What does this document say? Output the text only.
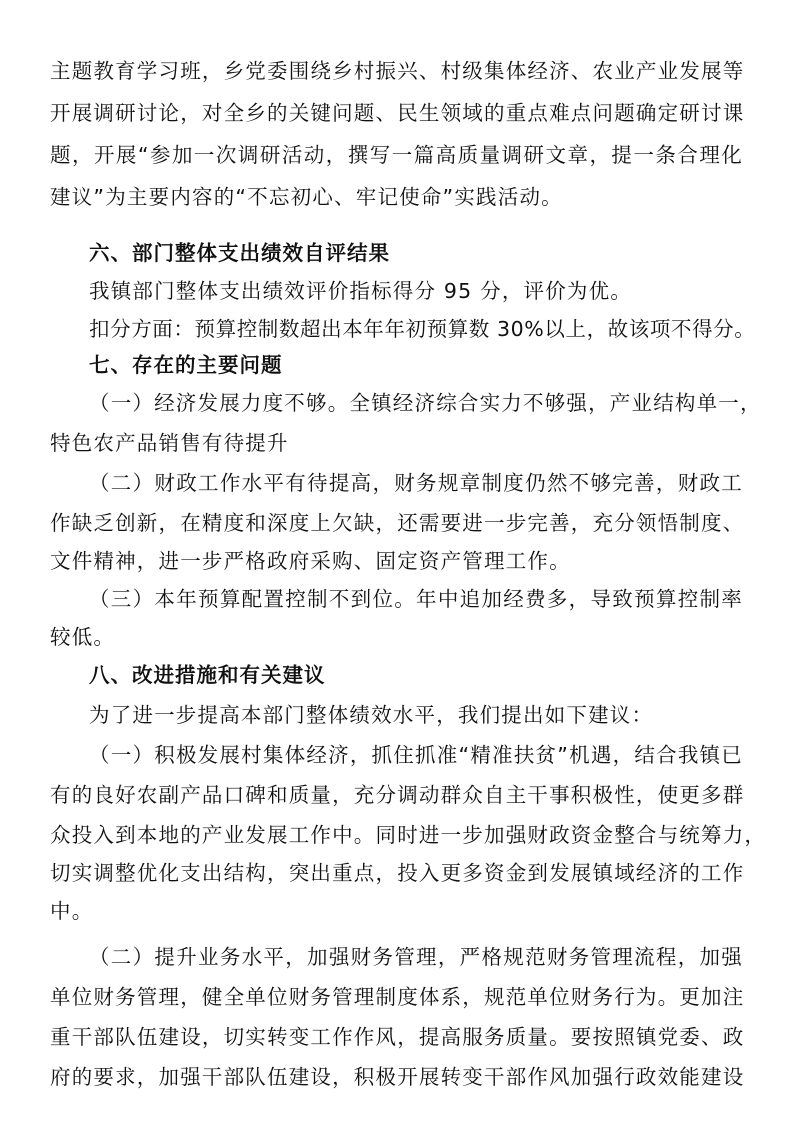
主题教育学习班，乡党委围绕乡村振兴、村级集体经济、农业产业发展等
开展调研讨论，对全乡的关键问题、民生领域的重点难点问题确定研讨课
题，开展“参加一次调研活动，撰写一篇高质量调研文章，提一条合理化
建议”为主要内容的“不忘初心、牢记使命”实践活动。
六、部门整体支出绩效自评结果
我镇部门整体支出绩效评价指标得分 95 分，评价为优。
扣分方面：预算控制数超出本年年初预算数 30%以上，故该项不得分。
七、存在的主要问题
（一）经济发展力度不够。全镇经济综合实力不够强，产业结构单一，
特色农产品销售有待提升
（二）财政工作水平有待提高，财务规章制度仍然不够完善，财政工
作缺乏创新，在精度和深度上欠缺，还需要进一步完善，充分领悟制度、
文件精神，进一步严格政府采购、固定资产管理工作。
（三）本年预算配置控制不到位。年中追加经费多，导致预算控制率
较低。
八、改进措施和有关建议
为了进一步提高本部门整体绩效水平，我们提出如下建议：
（一）积极发展村集体经济，抓住抓准“精准扶贫”机遇，结合我镇已
有的良好农副产品口碑和质量，充分调动群众自主干事积极性，使更多群
众投入到本地的产业发展工作中。同时进一步加强财政资金整合与统筹力，
切实调整优化支出结构，突出重点，投入更多资金到发展镇域经济的工作
中。
（二）提升业务水平，加强财务管理，严格规范财务管理流程，加强
单位财务管理，健全单位财务管理制度体系，规范单位财务行为。更加注
重干部队伍建设，切实转变工作作风，提高服务质量。要按照镇党委、政
府的要求，加强干部队伍建设，积极开展转变干部作风加强行政效能建设
